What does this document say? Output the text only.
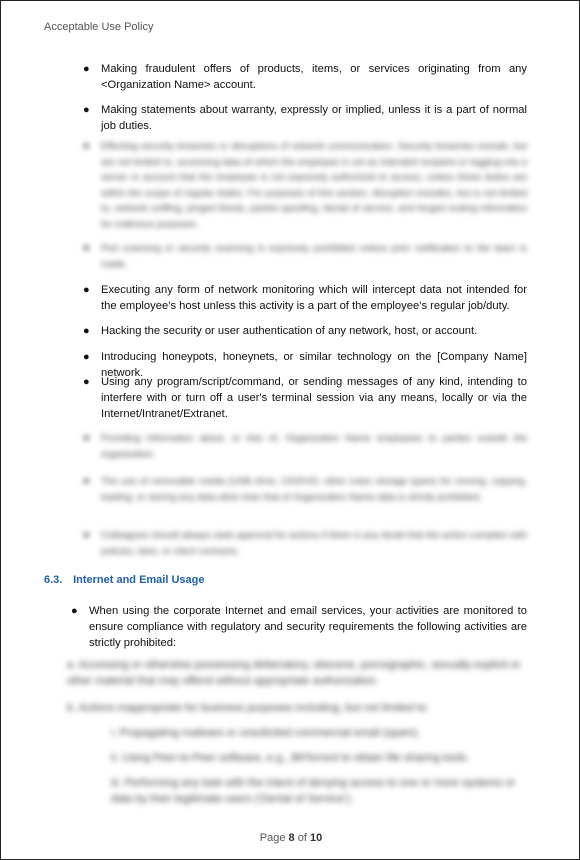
Acceptable Use Policy
● Making fraudulent offers of products, items, or services originating from any <Organization Name> account.
● Making statements about warranty, expressly or implied, unless it is a part of normal job duties.
● Effecting security breaches or disruptions of network communication. Security breaches include, but are not limited to, accessing data of which the employee is not an intended recipient or logging into a server or account that the employee is not expressly authorized to access, unless these duties are within the scope of regular duties. For purposes of this section, disruption includes, but is not limited to, network sniffing, pinged floods, packet spoofing, denial of service, and forged routing information for malicious purposes.
● Port scanning or security scanning is expressly prohibited unless prior notification to the team is made.
● Executing any form of network monitoring which will intercept data not intended for the employee’s host unless this activity is a part of the employee’s regular job/duty.
● Hacking the security or user authentication of any network, host, or account.
● Introducing honeypots, honeynets, or similar technology on the [Company Name] network.
● Using any program/script/command, or sending messages of any kind, intending to interfere with or turn off a user's terminal session via any means, locally or via the Internet/Intranet/Extranet.
● Providing information about, or lists of, Organization Name employees to parties outside the organization.
● The use of removable media (USB drive, CD/DVD, other mass storage types) for moving, copying, loading, or storing any data other than that of Organization Name data is strictly prohibited.
● Colleagues should always seek approval for actions if there is any doubt that the action complies with policies, laws, or client contracts.
6.3. Internet and Email Usage
● When using the corporate Internet and email services, your activities are monitored to ensure compliance with regulatory and security requirements the following activities are strictly prohibited:
a. Accessing or otherwise possessing defamatory, obscene, pornographic, sexually explicit or other material that may offend without appropriate authorization.
b. Actions inappropriate for business purposes including, but not limited to:
i. Propagating malware or unsolicited commercial email (spam).
ii. Using Peer-to-Peer software, e.g., BitTorrent to obtain file sharing tools.
iii. Performing any task with the intent of denying access to one or more systems or data by their legitimate users (‘Denial of Service’).
Page 8 of 10
